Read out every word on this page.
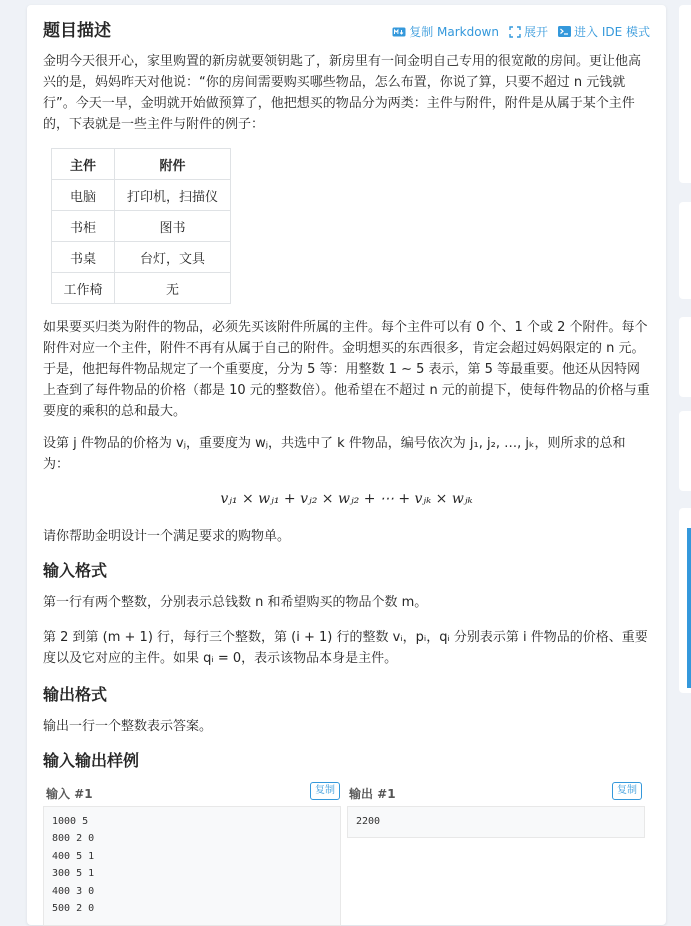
题目描述	复制 Markdown 展开 进入 IDE 模式

金明今天很开心，家里购置的新房就要领钥匙了，新房里有一间金明自己专用的很宽敞的房间。更让他高兴的是，妈妈昨天对他说：“你的房间需要购买哪些物品，怎么布置，你说了算，只要不超过 n 元钱就行”。今天一早，金明就开始做预算了，他把想买的物品分为两类：主件与附件，附件是从属于某个主件的，下表就是一些主件与附件的例子：

主件	附件
电脑	打印机，扫描仪
书柜	图书
书桌	台灯，文具
工作椅	无

如果要买归类为附件的物品，必须先买该附件所属的主件。每个主件可以有 0 个、1 个或 2 个附件。每个附件对应一个主件，附件不再有从属于自己的附件。金明想买的东西很多，肯定会超过妈妈限定的 n 元。于是，他把每件物品规定了一个重要度，分为 5 等：用整数 1 ∼ 5 表示，第 5 等最重要。他还从因特网上查到了每件物品的价格（都是 10 元的整数倍）。他希望在不超过 n 元的前提下，使每件物品的价格与重要度的乘积的总和最大。

设第 j 件物品的价格为 vⱼ，重要度为 wⱼ，共选中了 k 件物品，编号依次为 j₁, j₂, …, jₖ，则所求的总和为：

vⱼ₁ × wⱼ₁ + vⱼ₂ × wⱼ₂ + ⋯ + vⱼₖ × wⱼₖ

请你帮助金明设计一个满足要求的购物单。

输入格式

第一行有两个整数，分别表示总钱数 n 和希望购买的物品个数 m。

第 2 到第 (m + 1) 行，每行三个整数，第 (i + 1) 行的整数 vᵢ，pᵢ，qᵢ 分别表示第 i 件物品的价格、重要度以及它对应的主件。如果 qᵢ = 0，表示该物品本身是主件。

输出格式

输出一行一个整数表示答案。

输入输出样例
输入 #1	复制
1000 5
800 2 0
400 5 1
300 5 1
400 3 0
500 2 0
输出 #1	复制
2200
